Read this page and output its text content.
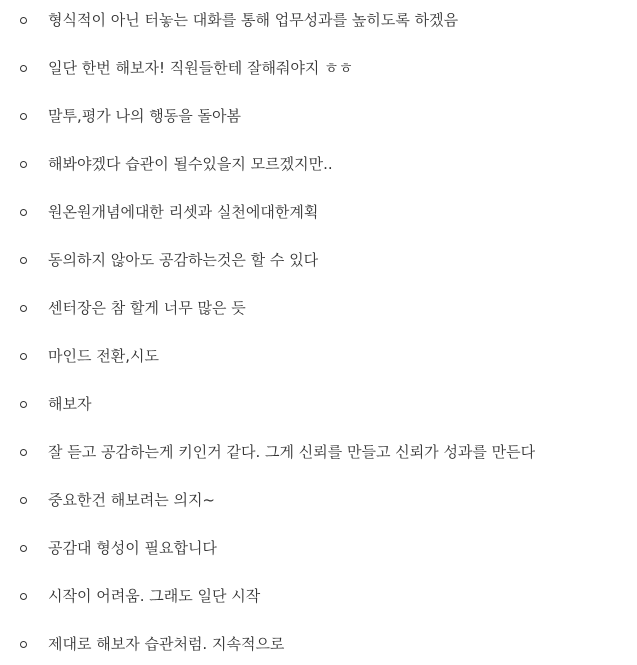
형식적이 아닌 터놓는 대화를 통해 업무성과를 높히도록 하겠음
일단 한번 해보자! 직원들한테 잘해줘야지 ㅎㅎ
말투,평가 나의 행동을 돌아봄
해봐야겠다 습관이 될수있을지 모르겠지만..
원온원개념에대한 리셋과 실천에대한계획
동의하지 않아도 공감하는것은 할 수 있다
센터장은 참 할게 너무 많은 듯
마인드 전환,시도
해보자
잘 듣고 공감하는게 키인거 같다. 그게 신뢰를 만들고 신뢰가 성과를 만든다
중요한건 해보려는 의지~
공감대 형성이 필요합니다
시작이 어려움. 그래도 일단 시작
제대로 해보자 습관처럼. 지속적으로
